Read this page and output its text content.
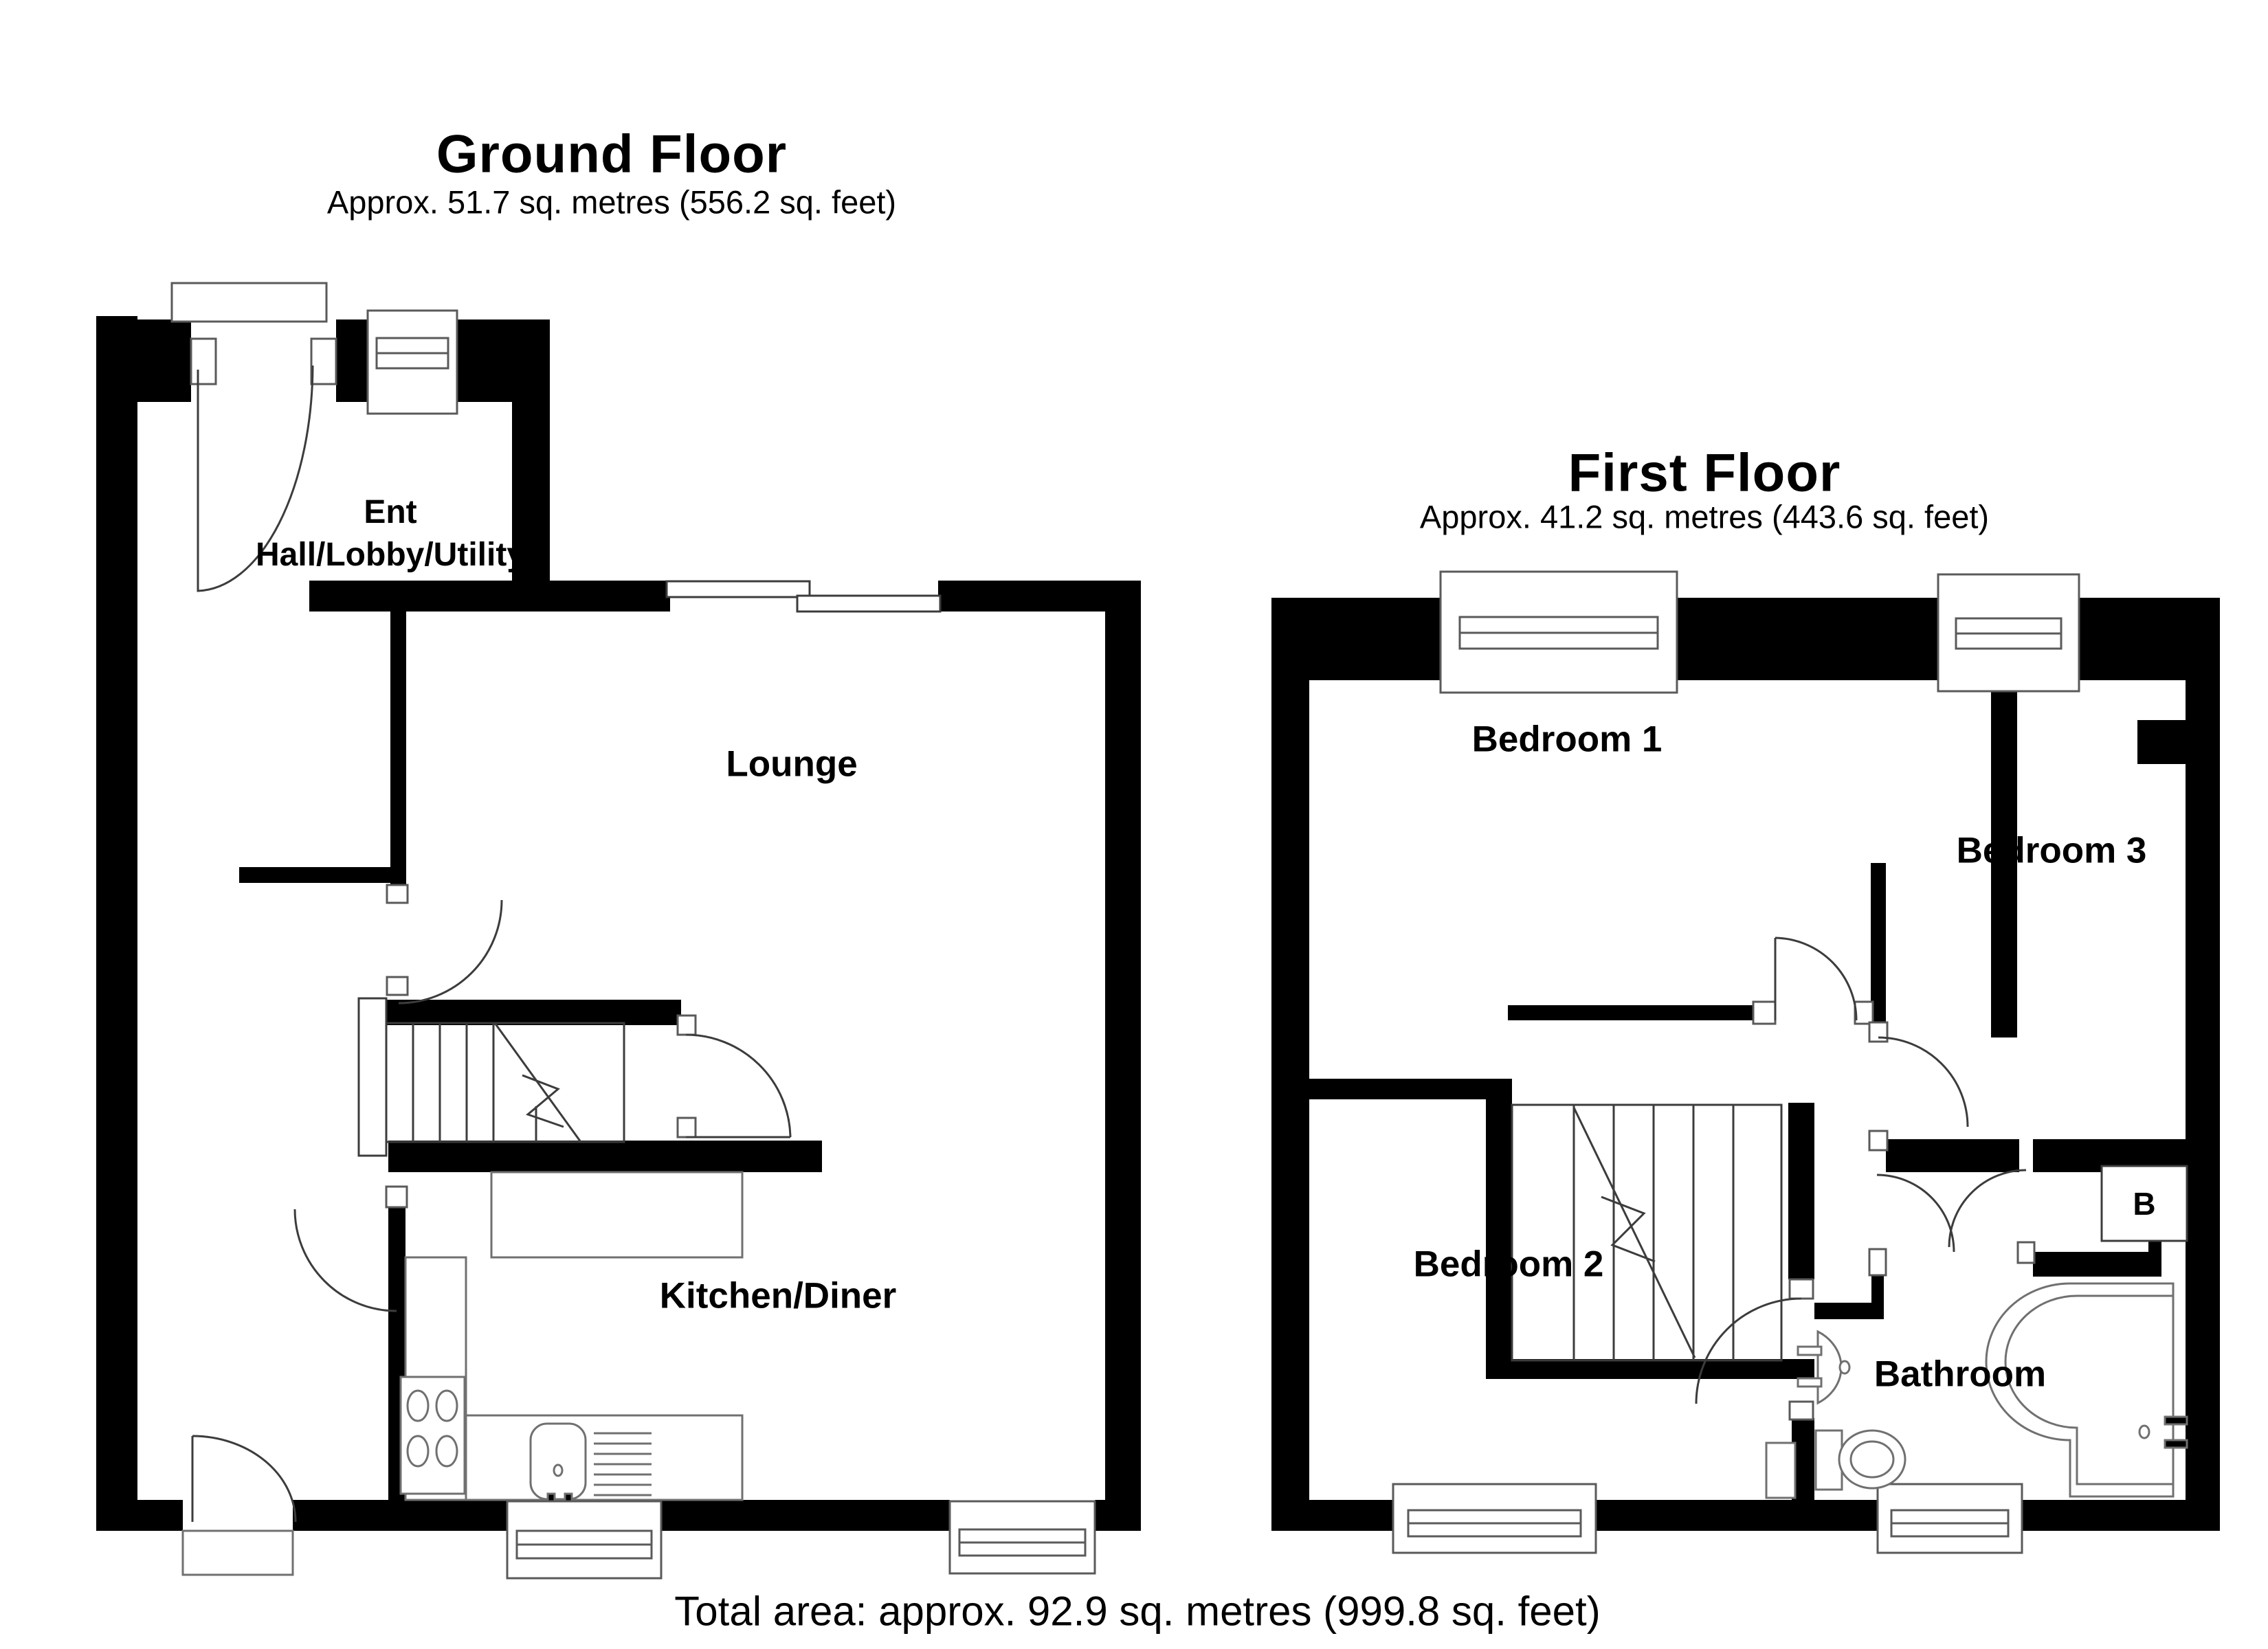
Ground Floor
Approx. 51.7 sq. metres (556.2 sq. feet)
First Floor
Approx. 41.2 sq. metres (443.6 sq. feet)
Ent
Hall/Lobby/Utility
Lounge
Kitchen/Diner
Bedroom 1
Bedroom 2
Bedroom 3
Bathroom
B
Total area: approx. 92.9 sq. metres (999.8 sq. feet)
